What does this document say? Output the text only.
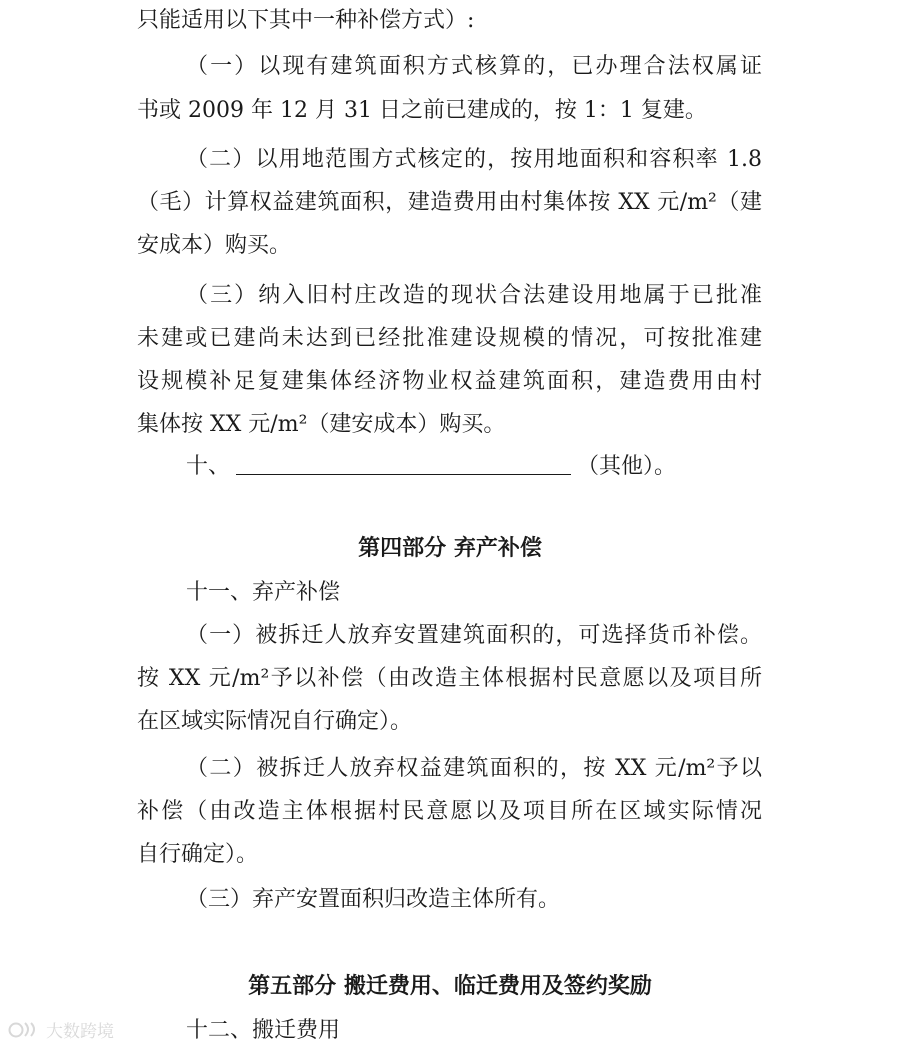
只能适用以下其中一种补偿方式）:
（一）以现有建筑面积方式核算的，已办理合法权属证
书或 2009 年 12 月 31 日之前已建成的，按 1：1 复建。
（二）以用地范围方式核定的，按用地面积和容积率 1.8
（毛）计算权益建筑面积，建造费用由村集体按 XX 元/m²（建
安成本）购买。
（三）纳入旧村庄改造的现状合法建设用地属于已批准
未建或已建尚未达到已经批准建设规模的情况，可按批准建
设规模补足复建集体经济物业权益建筑面积，建造费用由村
集体按 XX 元/m²（建安成本）购买。
十、	（其他）。
第四部分 弃产补偿
十一、弃产补偿
（一）被拆迁人放弃安置建筑面积的，可选择货币补偿。
按 XX 元/m²予以补偿（由改造主体根据村民意愿以及项目所
在区域实际情况自行确定）。
（二）被拆迁人放弃权益建筑面积的，按 XX 元/m²予以
补偿（由改造主体根据村民意愿以及项目所在区域实际情况
自行确定）。
（三）弃产安置面积归改造主体所有。
第五部分 搬迁费用、临迁费用及签约奖励
十二、搬迁费用
大数跨境
